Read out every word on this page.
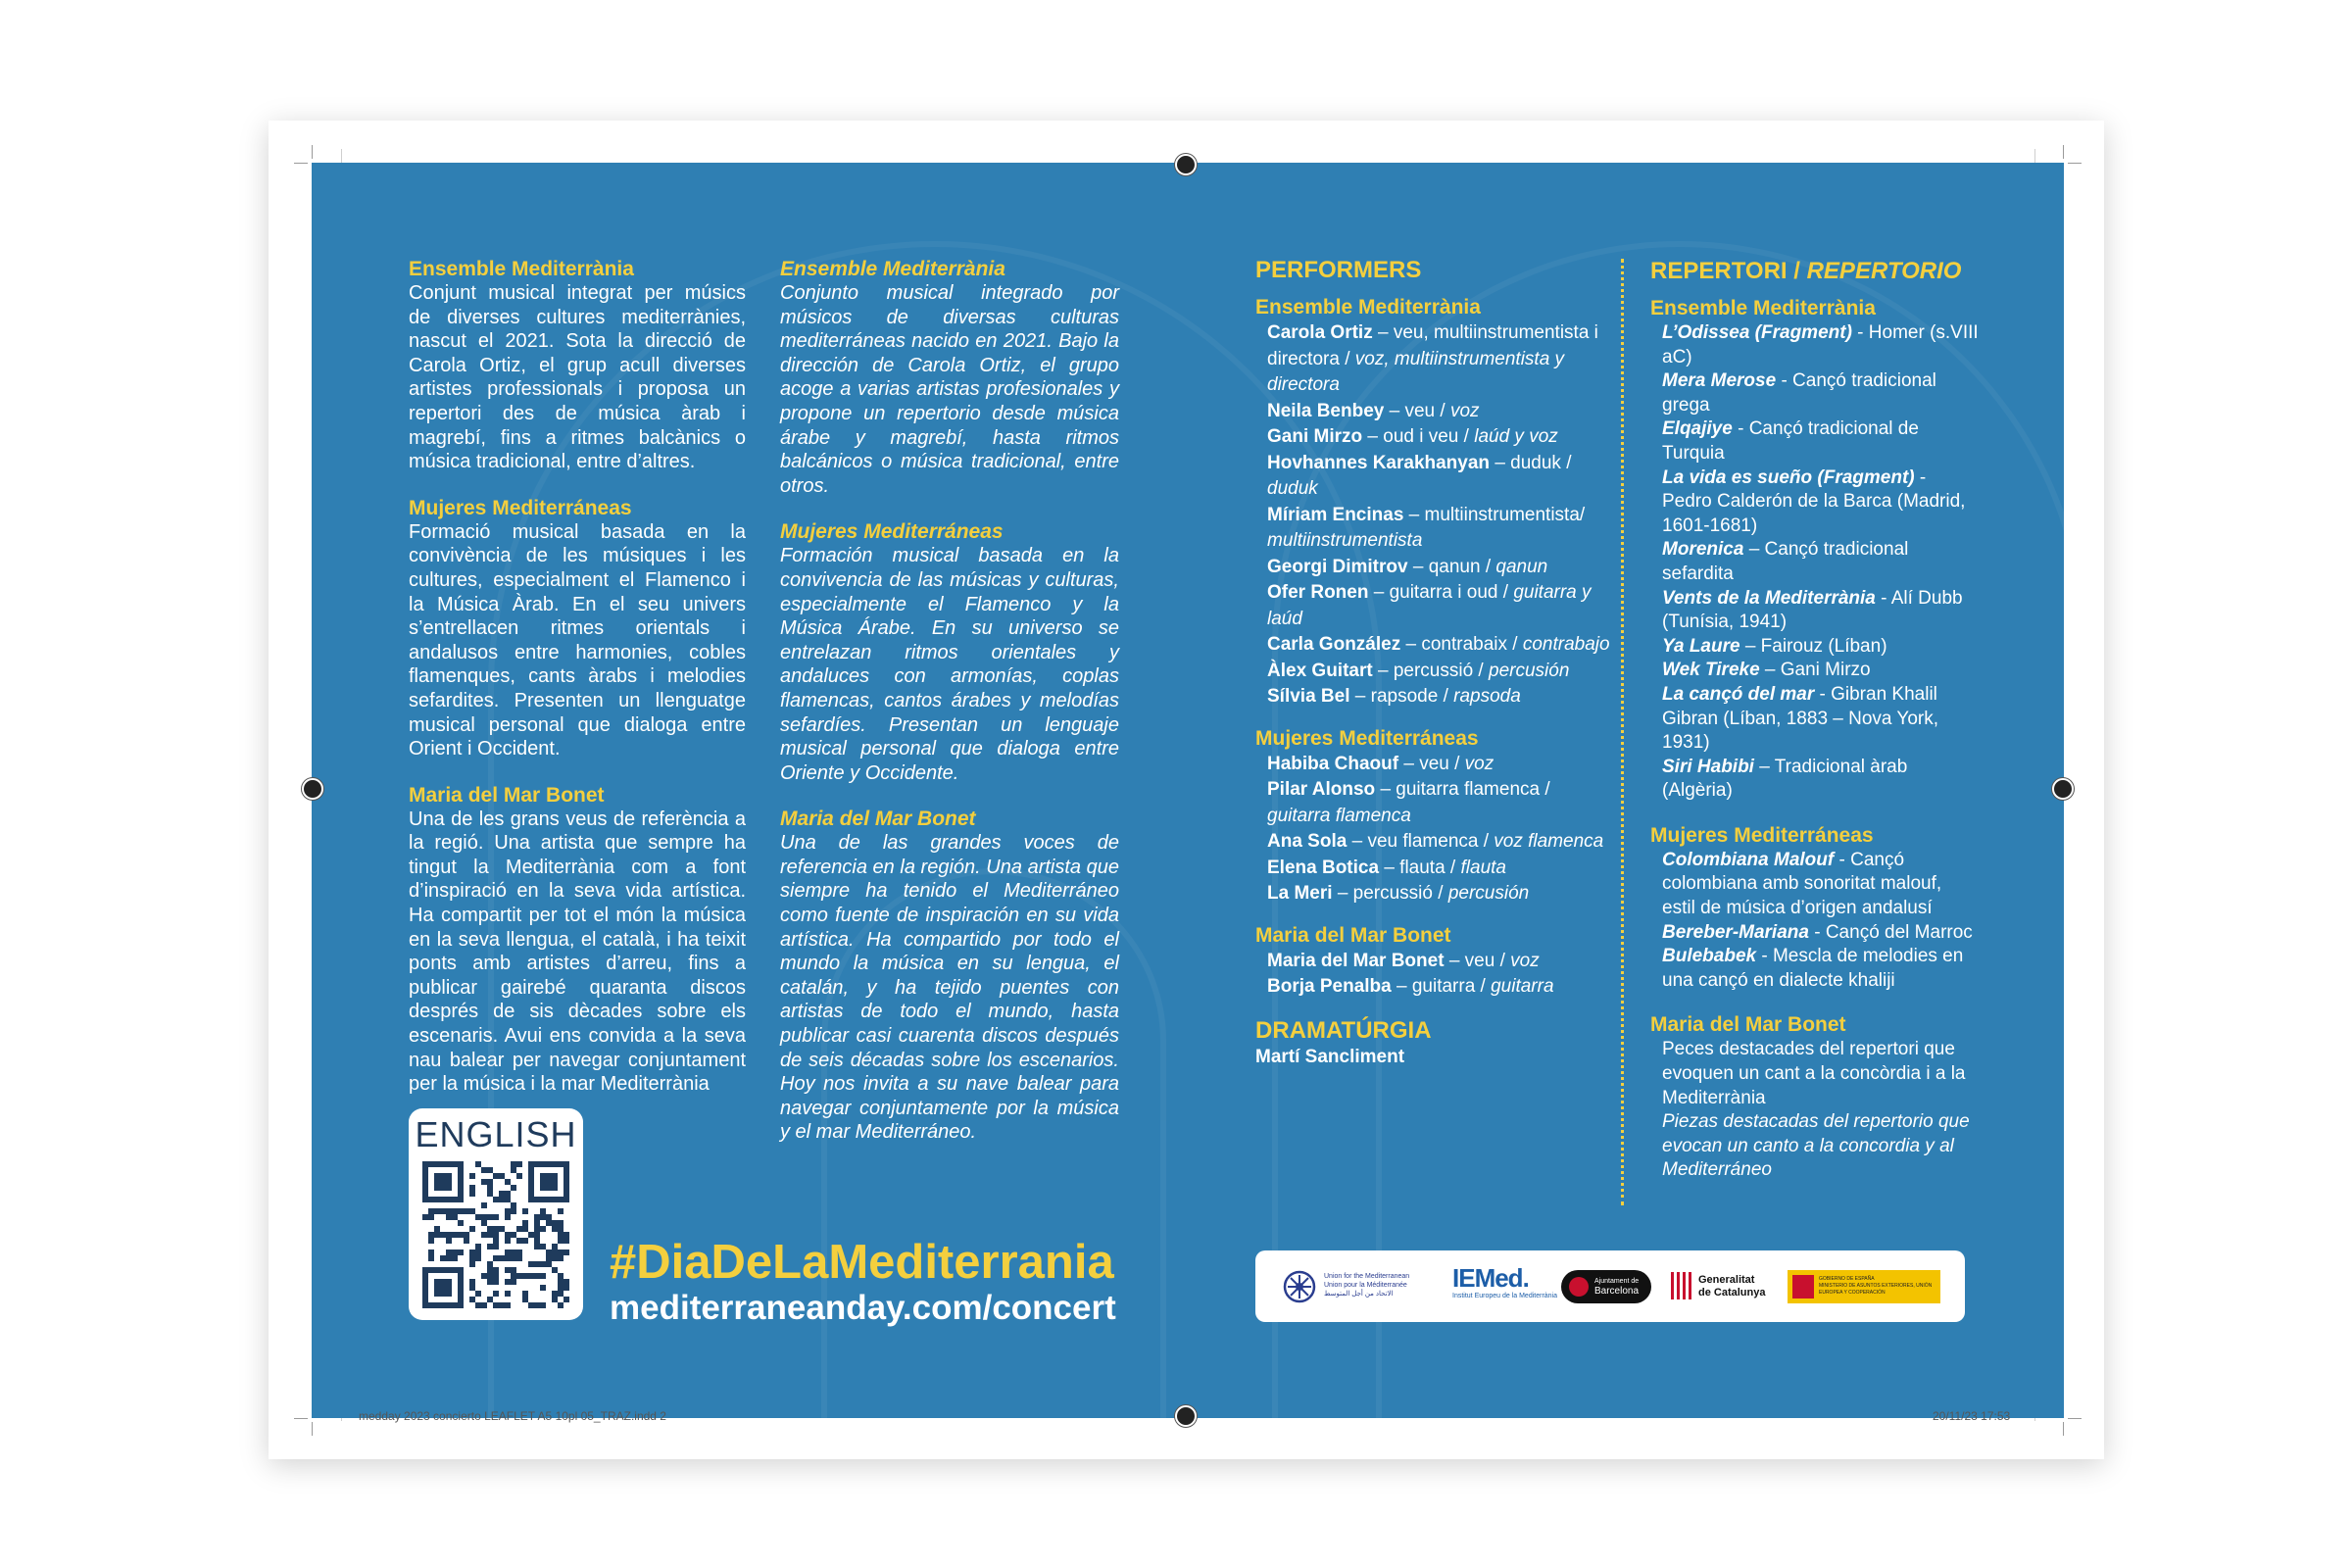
Ensemble Mediterrània

Conjunt musical integrat per músics de diverses cultures mediterrànies, nascut el 2021. Sota la direcció de Carola Ortiz, el grup acull diverses artistes professionals i proposa un repertori des de música àrab i magrebí, fins a ritmes balcànics o música tradicional, entre d’altres.

Mujeres Mediterráneas

Formació musical basada en la convivència de les músiques i les cultures, especialment el Flamenco i la Música Àrab. En el seu univers s’entrellacen ritmes orientals i andalusos entre harmonies, cobles flamenques, cants àrabs i melodies sefardites. Presenten un llenguatge musical personal que dialoga entre Orient i Occident.

Maria del Mar Bonet

Una de les grans veus de referència a la regió. Una artista que sempre ha tingut la Mediterrània com a font d’inspiració en la seva vida artística. Ha compartit per tot el món la música en la seva llengua, el català, i ha teixit ponts amb artistes d’arreu, fins a publicar gairebé quaranta discos després de sis dècades sobre els escenaris. Avui ens convida a la seva nau balear per navegar conjuntament per la música i la mar Mediterrània

Ensemble Mediterrània

Conjunto musical integrado por músicos de diversas culturas mediterráneas nacido en 2021. Bajo la dirección de Carola Ortiz, el grupo acoge a varias artistas profesionales y propone un repertorio desde música árabe y magrebí, hasta ritmos balcánicos o música tradicional, entre otros.

Mujeres Mediterráneas

Formación musical basada en la convivencia de las músicas y culturas, especialmente el Flamenco y la Música Árabe. En su universo se entrelazan ritmos orientales y andaluces con armonías, coplas flamencas, cantos árabes y melodías sefardíes. Presentan un lenguaje musical personal que dialoga entre Oriente y Occidente.

Maria del Mar Bonet

Una de las grandes voces de referencia en la región. Una artista que siempre ha tenido el Mediterráneo como fuente de inspiración en su vida artística. Ha compartido por todo el mundo la música en su lengua, el catalán, y ha tejido puentes con artistas de todo el mundo, hasta publicar casi cuarenta discos después de seis décadas sobre los escenarios. Hoy nos invita a su nave balear para navegar conjuntamente por la música y el mar Mediterráneo.

ENGLISH
#DiaDeLaMediterrania
mediterraneanday.com/concert
PERFORMERS
Ensemble Mediterrània
Carola Ortiz – veu, multiinstrumentista i directora / voz, multiinstrumentista y directora
Neila Benbey – veu / voz
Gani Mirzo – oud i veu / laúd y voz
Hovhannes Karakhanyan – duduk / duduk
Míriam Encinas – multiinstrumentista/ multiinstrumentista
Georgi Dimitrov – qanun / qanun
Ofer Ronen – guitarra i oud / guitarra y laúd
Carla González – contrabaix / contrabajo
Àlex Guitart – percussió / percusión
Sílvia Bel – rapsode / rapsoda
Mujeres Mediterráneas
Habiba Chaouf – veu / voz
Pilar Alonso – guitarra flamenca / guitarra flamenca
Ana Sola – veu flamenca / voz flamenca
Elena Botica – flauta / flauta
La Meri – percussió / percusión
Maria del Mar Bonet
Maria del Mar Bonet – veu / voz
Borja Penalba – guitarra / guitarra
DRAMATÚRGIA
Martí Sancliment
REPERTORI / REPERTORIO
Ensemble Mediterrània
L’Odissea (Fragment) - Homer (s.VIII aC)
Mera Merose - Cançó tradicional grega
Elqajiye - Cançó tradicional de Turquia
La vida es sueño (Fragment) - Pedro Calderón de la Barca (Madrid, 1601-1681)
Morenica – Cançó tradicional sefardita
Vents de la Mediterrània - Alí Dubb (Tunísia, 1941)
Ya Laure – Fairouz (Líban)
Wek Tireke – Gani Mirzo
La cançó del mar - Gibran Khalil Gibran (Líban, 1883 – Nova York, 1931)
Siri Habibi – Tradicional àrab (Algèria)
Mujeres Mediterráneas
Colombiana Malouf - Cançó colombiana amb sonoritat malouf, estil de música d’origen andalusí
Bereber-Mariana - Cançó del Marroc
Bulebabek - Mescla de melodies en una cançó en dialecte khaliji
Maria del Mar Bonet
Peces destacades del repertori que evoquen un cant a la concòrdia i a la Mediterrània
Piezas destacadas del repertorio que evocan un canto a la concordia y al Mediterráneo
Union for the Mediterranean
Union pour la Méditerranée
الاتحاد من أجل المتوسط
IEMed.
Institut Europeu de la Mediterrània
Ajuntament de
Barcelona
Generalitat
de Catalunya
GOBIERNO DE ESPAÑA
MINISTERIO DE ASUNTOS EXTERIORES, UNIÓN EUROPEA Y COOPERACIÓN
medday 2023 concierto LEAFLET A5 10pl 05_TRAZ.indd 2	20/11/23 17:53
